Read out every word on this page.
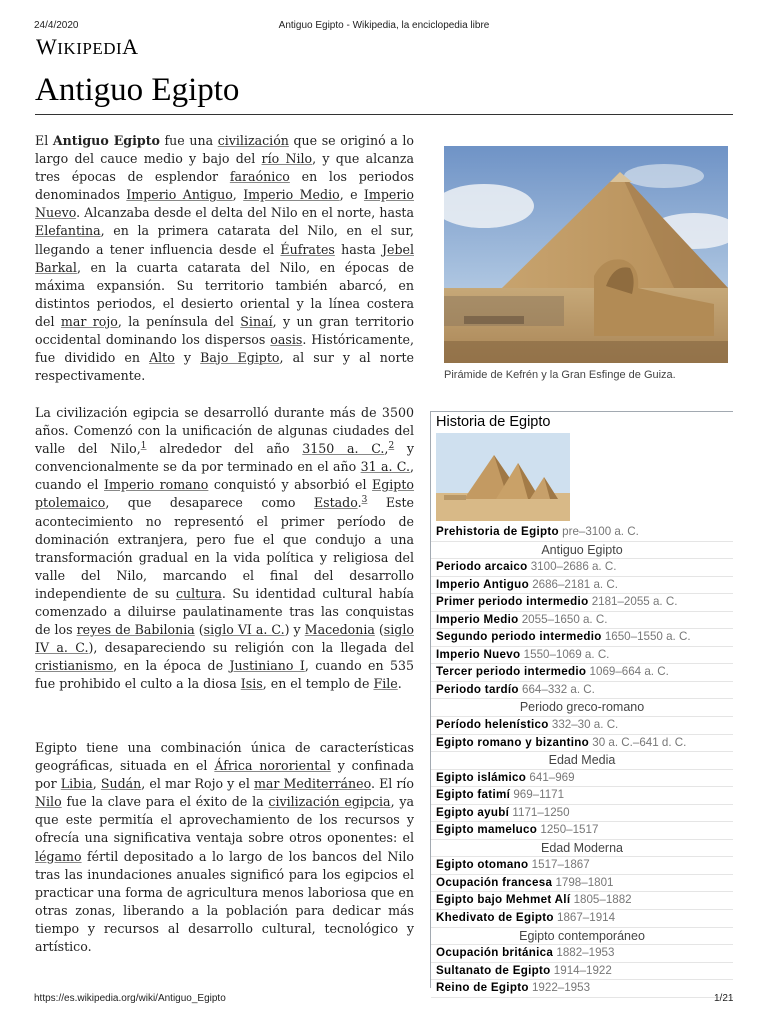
24/4/2020	Antiguo Egipto - Wikipedia, la enciclopedia libre
WIKIPEDIA
Antiguo Egipto

El Antiguo Egipto fue una civilización que se originó a lo largo del cauce medio y bajo del río Nilo, y que alcanza tres épocas de esplendor faraónico en los periodos denominados Imperio Antiguo, Imperio Medio, e Imperio Nuevo. Alcanzaba desde el delta del Nilo en el norte, hasta Elefantina, en la primera catarata del Nilo, en el sur, llegando a tener influencia desde el Éufrates hasta Jebel Barkal, en la cuarta catarata del Nilo, en épocas de máxima expansión. Su territorio también abarcó, en distintos periodos, el desierto oriental y la línea costera del mar rojo, la península del Sinaí, y un gran territorio occidental dominando los dispersos oasis. Históricamente, fue dividido en Alto y Bajo Egipto, al sur y al norte respectivamente.

La civilización egipcia se desarrolló durante más de 3500 años. Comenzó con la unificación de algunas ciudades del valle del Nilo,$^1$ alrededor del año 3150 a. C.,$^2$ y convencionalmente se da por terminado en el año 31 a. C., cuando el Imperio romano conquistó y absorbió el Egipto ptolemaico, que desaparece como Estado.$^3$ Este acontecimiento no representó el primer período de dominación extranjera, pero fue el que condujo a una transformación gradual en la vida política y religiosa del valle del Nilo, marcando el final del desarrollo independiente de su cultura. Su identidad cultural había comenzado a diluirse paulatinamente tras las conquistas de los reyes de Babilonia (siglo VI a. C.) y Macedonia (siglo IV a. C.), desapareciendo su religión con la llegada del cristianismo, en la época de Justiniano I, cuando en 535 fue prohibido el culto a la diosa Isis, en el templo de File.

Egipto tiene una combinación única de características geográficas, situada en el África nororiental y confinada por Libia, Sudán, el mar Rojo y el mar Mediterráneo. El río Nilo fue la clave para el éxito de la civilización egipcia, ya que este permitía el aprovechamiento de los recursos y ofrecía una significativa ventaja sobre otros oponentes: el légamo fértil depositado a lo largo de los bancos del Nilo tras las inundaciones anuales significó para los egipcios el practicar una forma de agricultura menos laboriosa que en otras zonas, liberando a la población para dedicar más tiempo y recursos al desarrollo cultural, tecnológico y artístico.

Pirámide de Kefrén y la Gran Esfinge de Guiza.
Historia de Egipto
Prehistoria de Egipto pre–3100 a. C.
Antiguo Egipto
Periodo arcaico 3100–2686 a. C.
Imperio Antiguo 2686–2181 a. C.
Primer periodo intermedio 2181–2055 a. C.
Imperio Medio 2055–1650 a. C.
Segundo periodo intermedio 1650–1550 a. C.
Imperio Nuevo 1550–1069 a. C.
Tercer periodo intermedio 1069–664 a. C.
Periodo tardío 664–332 a. C.
Periodo greco-romano
Período helenístico 332–30 a. C.
Egipto romano y bizantino 30 a. C.–641 d. C.
Edad Media
Egipto islámico 641–969
Egipto fatimí 969–1171
Egipto ayubí 1171–1250
Egipto mameluco 1250–1517
Edad Moderna
Egipto otomano 1517–1867
Ocupación francesa 1798–1801
Egipto bajo Mehmet Alí 1805–1882
Khedivato de Egipto 1867–1914
Egipto contemporáneo
Ocupación británica 1882–1953
Sultanato de Egipto 1914–1922
Reino de Egipto 1922–1953
https://es.wikipedia.org/wiki/Antiguo_Egipto	1/21
